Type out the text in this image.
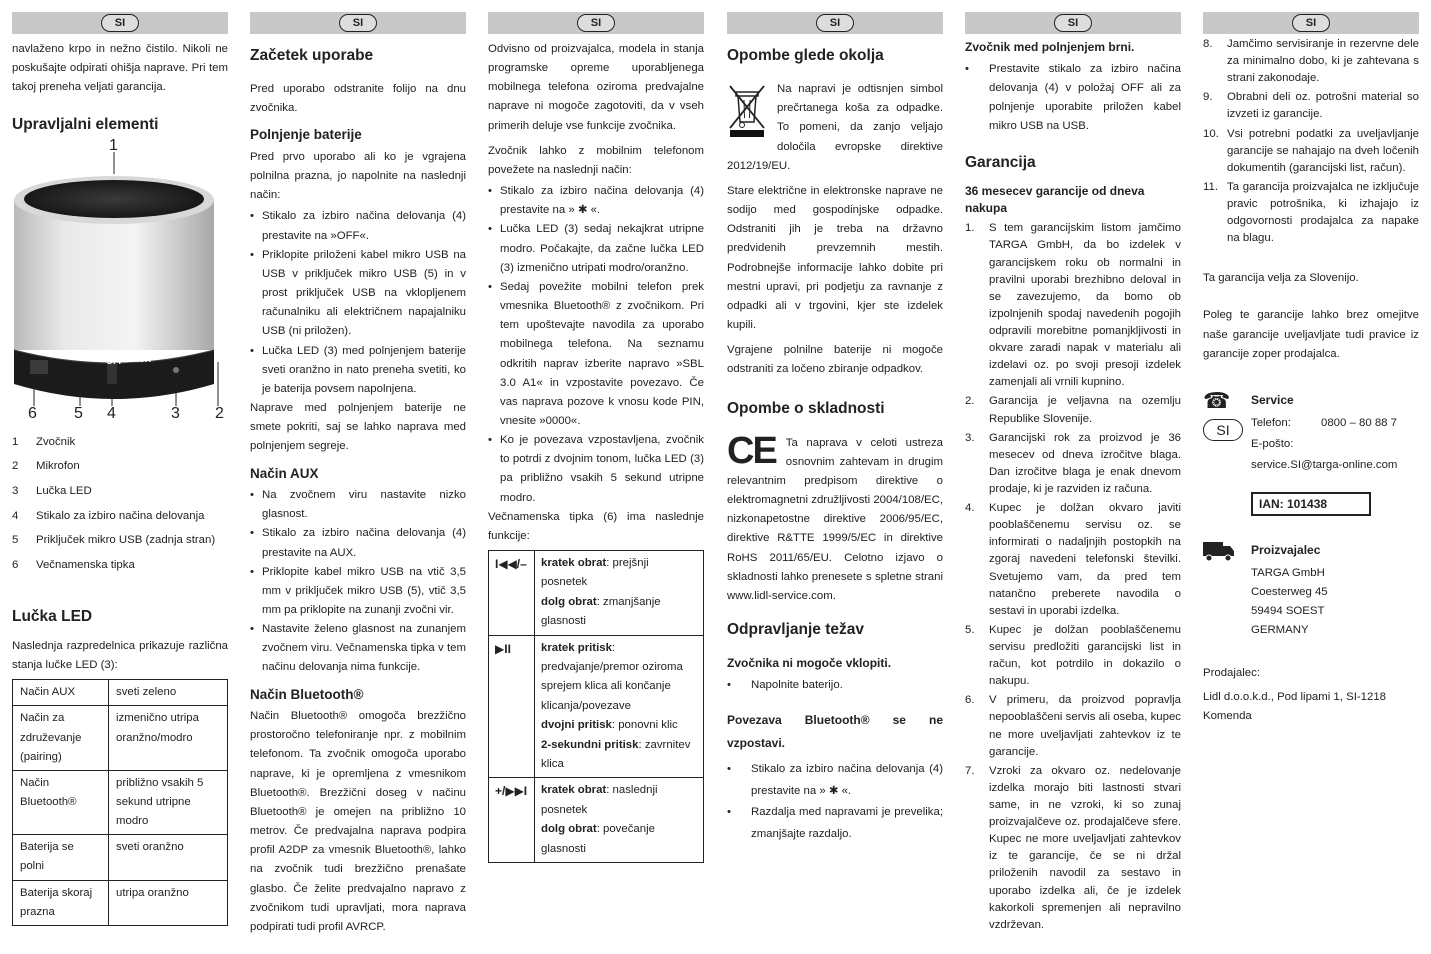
SI

navlaženo krpo in nežno čistilo. Nikoli ne poskušajte odpirati ohišja naprave. Pri tem takoj preneha veljati garancija.

Upravljalni elementi
OFF AUX
1
6 5 4	3 2
1	Zvočnik
2	Mikrofon
3	Lučka LED
4	Stikalo za izbiro načina delovanja
5	Priključek mikro USB (zadnja stran)
6	Večnamenska tipka
Lučka LED

Naslednja razpredelnica prikazuje različna stanja lučke LED (3):

Način AUX	sveti zeleno
Način za združevanje (pairing)	izmenično utripa oranžno/modro
Način Bluetooth®	približno vsakih 5 sekund utripne modro
Baterija se polni	sveti oranžno
Baterija skoraj prazna	utripa oranžno
SI
Začetek uporabe

Pred uporabo odstranite folijo na dnu zvočnika.

Polnjenje baterije

Pred prvo uporabo ali ko je vgrajena polnilna prazna, jo napolnite na naslednji način:

• Stikalo za izbiro načina delovanja (4) prestavite na »OFF«.
• Priklopite priloženi kabel mikro USB na USB v priključek mikro USB (5) in v prost priključek USB na vklopljenem računalniku ali električnem napajalniku USB (ni priložen).
• Lučka LED (3) med polnjenjem baterije sveti oranžno in nato preneha svetiti, ko je baterija povsem napolnjena.

Naprave med polnjenjem baterije ne smete pokriti, saj se lahko naprava med polnjenjem segreje.

Način AUX
• Na zvočnem viru nastavite nizko glasnost.
• Stikalo za izbiro načina delovanja (4) prestavite na AUX.
• Priklopite kabel mikro USB na vtič 3,5 mm v priključek mikro USB (5), vtič 3,5 mm pa priklopite na zunanji zvočni vir.
• Nastavite želeno glasnost na zunanjem zvočnem viru. Večnamenska tipka v tem načinu delovanja nima funkcije.
Način Bluetooth®

Način Bluetooth® omogoča brezžično prostoročno telefoniranje npr. z mobilnim telefonom. Ta zvočnik omogoča uporabo naprave, ki je opremljena z vmesnikom Bluetooth®. Brezžični doseg v načinu Bluetooth® je omejen na približno 10 metrov. Če predvajalna naprava podpira profil A2DP za vmesnik Bluetooth®, lahko na zvočnik tudi brezžično prenašate glasbo. Če želite predvajalno napravo z zvočnikom tudi upravljati, mora naprava podpirati tudi profil AVRCP.

SI

Odvisno od proizvajalca, modela in stanja programske opreme uporabljenega mobilnega telefona oziroma predvajalne naprave ni mogoče zagotoviti, da v vseh primerih deluje vse funkcije zvočnika.

Zvočnik lahko z mobilnim telefonom povežete na naslednji način:

• Stikalo za izbiro načina delovanja (4) prestavite na » ✱ «.
• Lučka LED (3) sedaj nekajkrat utripne modro. Počakajte, da začne lučka LED (3) izmenično utripati modro/oranžno.
• Sedaj povežite mobilni telefon prek vmesnika Bluetooth® z zvočnikom. Pri tem upoštevajte navodila za uporabo mobilnega telefona. Na seznamu odkritih naprav izberite napravo »SBL 3.0 A1« in vzpostavite povezavo. Če vas naprava pozove k vnosu kode PIN, vnesite »0000«.
• Ko je povezava vzpostavljena, zvočnik to potrdi z dvojnim tonom, lučka LED (3) pa približno vsakih 5 sekund utripne modro.

Večnamenska tipka (6) ima naslednje funkcije:

I◀◀/–	kratek obrat: prejšnji posnetek
dolg obrat: zmanjšanje glasnosti

▶II	kratek pritisk: predvajanje/premor oziroma sprejem klica ali končanje klicanja/povezave
dvojni pritisk: ponovni klic
2-sekundni pritisk: zavrnitev klica

+/▶▶I	kratek obrat: naslednji posnetek
dolg obrat: povečanje glasnosti
SI
Opombe glede okolja

Na napravi je odtisnjen simbol prečrtanega koša za odpadke. To pomeni, da zanjo veljajo določila evropske direktive 2012/19/EU.

Stare električne in elektronske naprave ne sodijo med gospodinjske odpadke. Odstraniti jih je treba na državno predvidenih prevzemnih mestih. Podrobnejše informacije lahko dobite pri mestni upravi, pri podjetju za ravnanje z odpadki ali v trgovini, kjer ste izdelek kupili.

Vgrajene polnilne baterije ni mogoče odstraniti za ločeno zbiranje odpadkov.

Opombe o skladnosti
CE Ta naprava v celoti ustreza osnovnim zahtevam in drugim relevantnim predpisom direktive o elektromagnetni združljivosti 2004/108/EC, nizkonapetostne direktive 2006/95/EC, direktive R&TTE 1999/5/EC in direktive RoHS 2011/65/EU. Celotno izjavo o skladnosti lahko prenesete s spletne strani www.lidl-service.com.

Odpravljanje težav
Zvočnika ni mogoče vklopiti.
• Napolnite baterijo.
Povezava Bluetooth® se ne vzpostavi.
• Stikalo za izbiro načina delovanja (4) prestavite na » ✱ «.
• Razdalja med napravami je prevelika; zmanjšajte razdaljo.
SI
Zvočnik med polnjenjem brni.
• Prestavite stikalo za izbiro načina delovanja (4) v položaj OFF ali za polnjenje uporabite priložen kabel mikro USB na USB.
Garancija
36 mesecev garancije od dneva nakupa
1. S tem garancijskim listom jamčimo TARGA GmbH, da bo izdelek v garancijskem roku ob normalni in pravilni uporabi brezhibno deloval in se zavezujemo, da bomo ob izpolnjenih spodaj navedenih pogojih odpravili morebitne pomanjkljivosti in okvare zaradi napak v materialu ali izdelavi oz. po svoji presoji izdelek zamenjali ali vrnili kupnino.
2. Garancija je veljavna na ozemlju Republike Slovenije.
3. Garancijski rok za proizvod je 36 mesecev od dneva izročitve blaga. Dan izročitve blaga je enak dnevom prodaje, ki je razviden iz računa.
4. Kupec je dolžan okvaro javiti pooblaščenemu servisu oz. se informirati o nadaljnjih postopkih na zgoraj navedeni telefonski številki. Svetujemo vam, da pred tem natančno preberete navodila o sestavi in uporabi izdelka.
5. Kupec je dolžan pooblaščenemu servisu predložiti garancijski list in račun, kot potrdilo in dokazilo o nakupu.
6. V primeru, da proizvod popravlja nepooblaščeni servis ali oseba, kupec ne more uveljavljati zahtevkov iz te garancije.
7. Vzroki za okvaro oz. nedelovanje izdelka morajo biti lastnosti stvari same, in ne vzroki, ki so zunaj proizvajalčeve oz. prodajalčeve sfere. Kupec ne more uveljavljati zahtevkov iz te garancije, če se ni držal priloženih navodil za sestavo in uporabo izdelka ali, če je izdelek kakorkoli spremenjen ali nepravilno vzdrževan.
SI
8. Jamčimo servisiranje in rezervne dele za minimalno dobo, ki je zahtevana s strani zakonodaje.
9. Obrabni deli oz. potrošni material so izvzeti iz garancije.
10. Vsi potrebni podatki za uveljavljanje garancije se nahajajo na dveh ločenih dokumentih (garancijski list, račun).
11. Ta garancija proizvajalca ne izključuje pravic potrošnika, ki izhajajo iz odgovornosti prodajalca za napake na blagu.

Ta garancija velja za Slovenijo.

Poleg te garancije lahko brez omejitve naše garancije uveljavljate tudi pravice iz garancije zoper prodajalca.

☎
SI
Service
Telefon:	0800 – 80 88 7
E-pošto:
service.SI@targa-online.com
IAN: 101438
Proizvajalec
TARGA GmbH
Coesterweg 45
59494 SOEST
GERMANY

Prodajalec:

Lidl d.o.o.k.d., Pod lipami 1, SI-1218 Komenda
